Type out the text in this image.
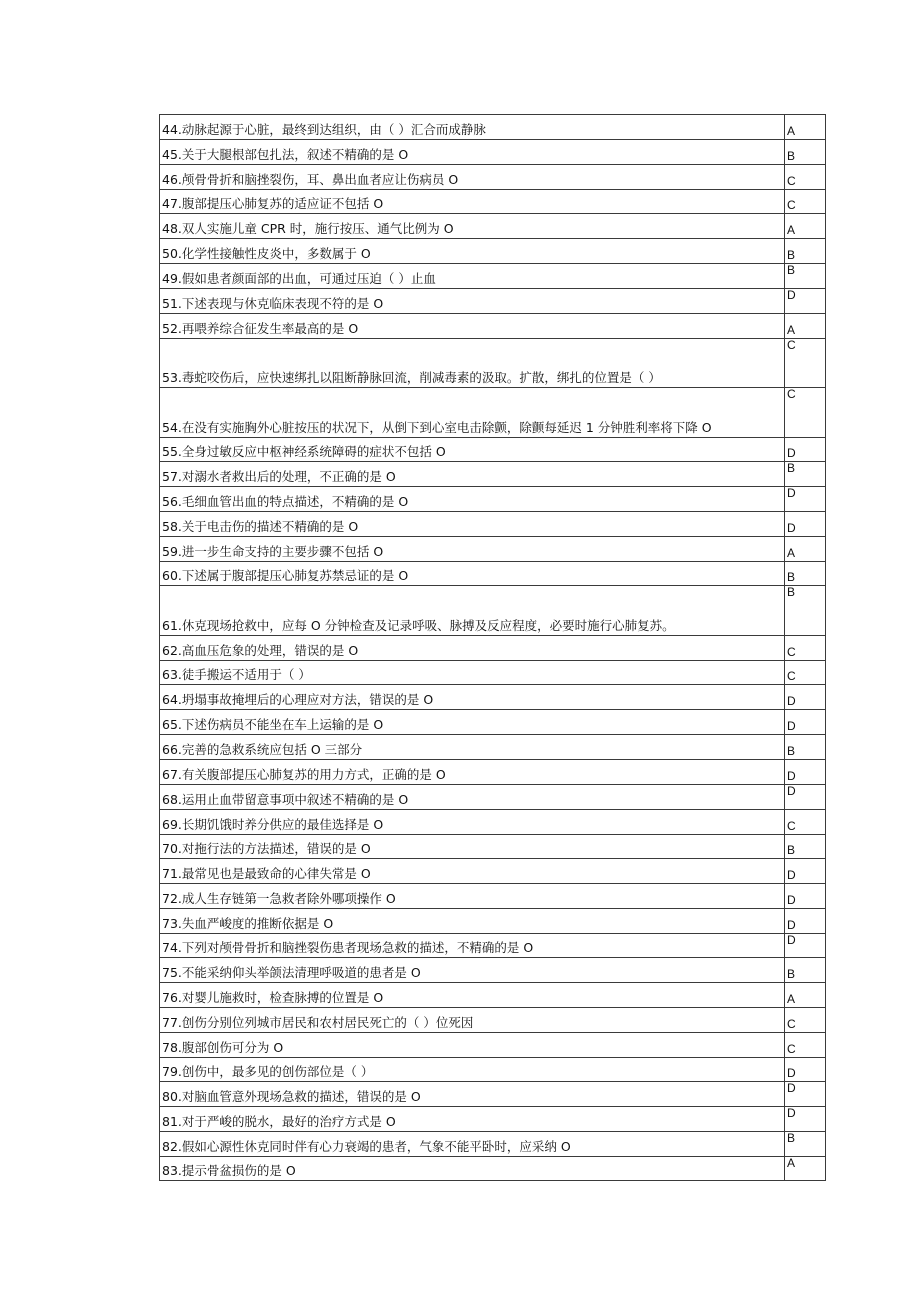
44.动脉起源于心脏，最终到达组织，由（ ）汇合而成静脉	A
45.关于大腿根部包扎法，叙述不精确的是 O	B
46.颅骨骨折和脑挫裂伤，耳、鼻出血者应让伤病员 O	C
47.腹部提压心肺复苏的适应证不包括 O	C
48.双人实施儿童 CPR 时，施行按压、通气比例为 O	A
50.化学性接触性皮炎中，多数属于 O	B
49.假如患者颜面部的出血，可通过压迫（ ）止血	B
51.下述表现与休克临床表现不符的是 O	D
52.再喂养综合征发生率最高的是 O	A
53.毒蛇咬伤后，应快速绑扎以阻断静脉回流，削减毒素的汲取。扩散，绑扎的位置是（ ）	C
54.在没有实施胸外心脏按压的状况下，从倒下到心室电击除颤，除颤每延迟 1 分钟胜利率将下降 O	C
55.全身过敏反应中枢神经系统障碍的症状不包括 O	D
57.对溺水者救出后的处理，不正确的是 O	B
56.毛细血管出血的特点描述，不精确的是 O	D
58.关于电击伤的描述不精确的是 O	D
59.进一步生命支持的主要步骤不包括 O	A
60.下述属于腹部提压心肺复苏禁忌证的是 O	B
61.休克现场抢救中，应每 O 分钟检查及记录呼吸、脉搏及反应程度，必要时施行心肺复苏。	B
62.高血压危象的处理，错误的是 O	C
63.徒手搬运不适用于（ ）	C
64.坍塌事故掩埋后的心理应对方法，错误的是 O	D
65.下述伤病员不能坐在车上运输的是 O	D
66.完善的急救系统应包括 O 三部分	B
67.有关腹部提压心肺复苏的用力方式，正确的是 O	D
68.运用止血带留意事项中叙述不精确的是 O	D
69.长期饥饿时养分供应的最佳选择是 O	C
70.对拖行法的方法描述，错误的是 O	B
71.最常见也是最致命的心律失常是 O	D
72.成人生存链第一急救者除外哪项操作 O	D
73.失血严峻度的推断依据是 O	D
74.下列对颅骨骨折和脑挫裂伤患者现场急救的描述，不精确的是 O	D
75.不能采纳仰头举颌法清理呼吸道的患者是 O	B
76.对婴儿施救时，检查脉搏的位置是 O	A
77.创伤分别位列城市居民和农村居民死亡的（ ）位死因	C
78.腹部创伤可分为 O	C
79.创伤中，最多见的创伤部位是（ ）	D
80.对脑血管意外现场急救的描述，错误的是 O	D
81.对于严峻的脱水，最好的治疗方式是 O	D
82.假如心源性休克同时伴有心力衰竭的患者，气象不能平卧时，应采纳 O	B
83.提示骨盆损伤的是 O	A
